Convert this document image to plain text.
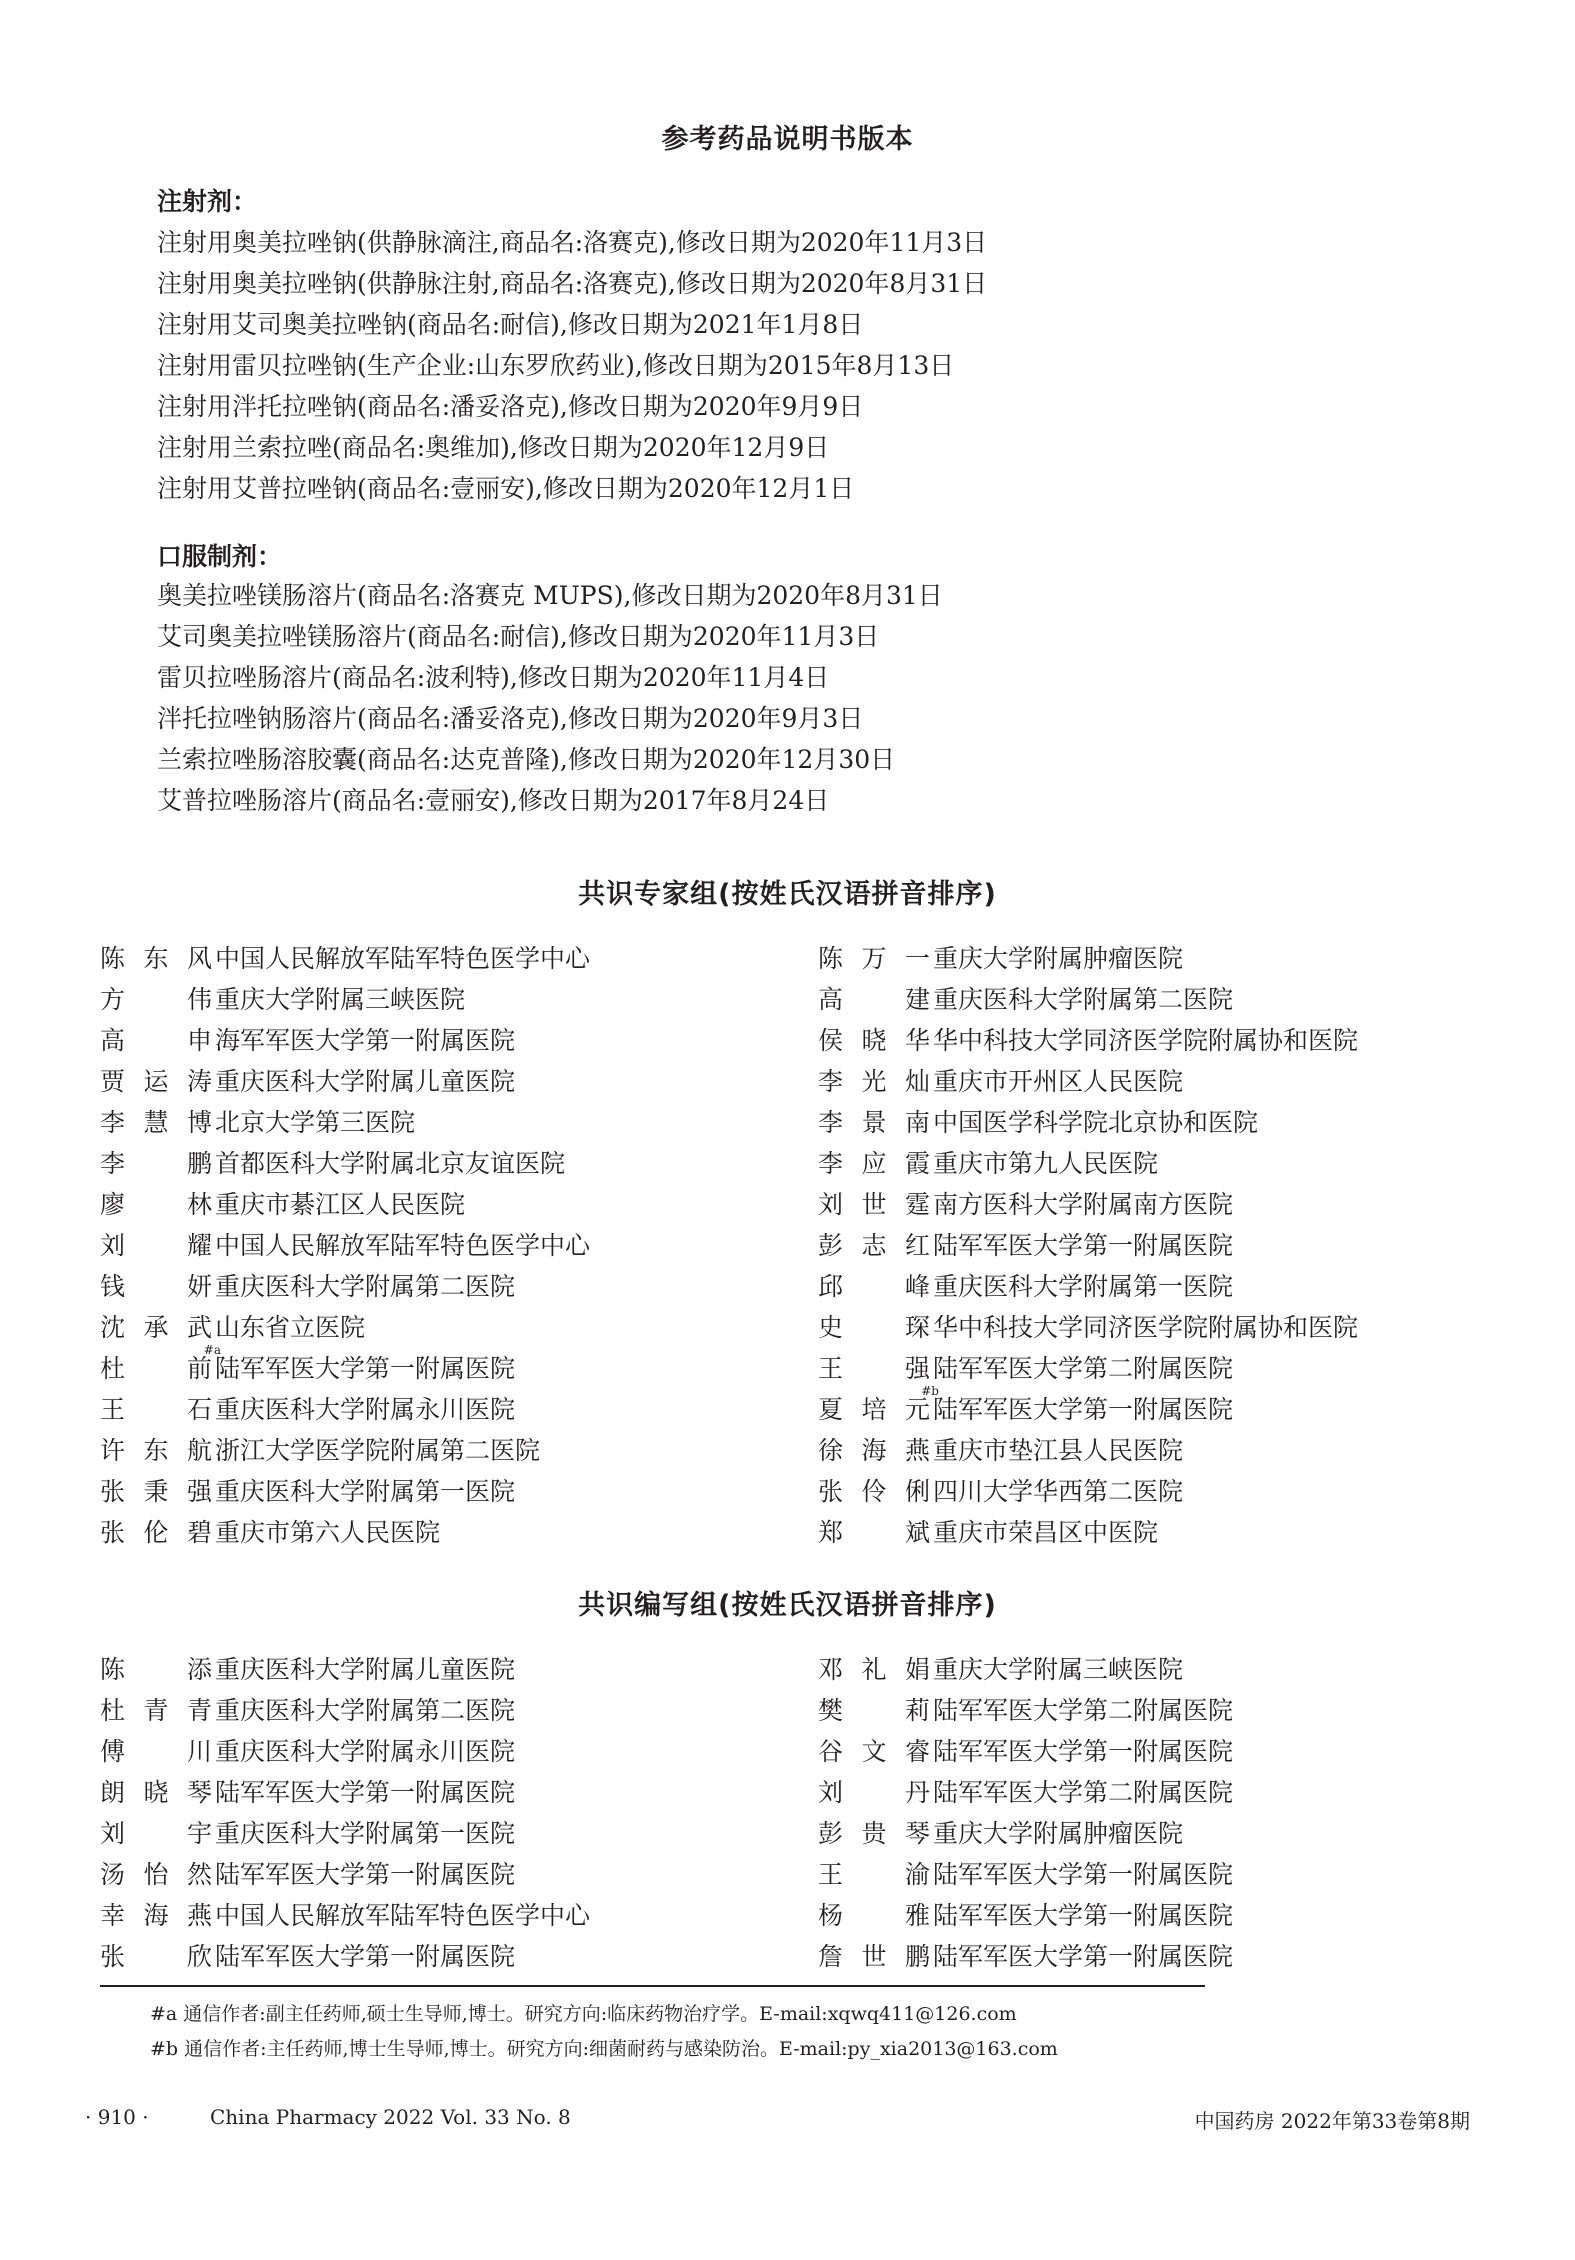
参考药品说明书版本
注射剂：
注射用奥美拉唑钠(供静脉滴注,商品名:洛赛克),修改日期为2020年11月3日
注射用奥美拉唑钠(供静脉注射,商品名:洛赛克),修改日期为2020年8月31日
注射用艾司奥美拉唑钠(商品名:耐信),修改日期为2021年1月8日
注射用雷贝拉唑钠(生产企业:山东罗欣药业),修改日期为2015年8月13日
注射用泮托拉唑钠(商品名:潘妥洛克),修改日期为2020年9月9日
注射用兰索拉唑(商品名:奥维加),修改日期为2020年12月9日
注射用艾普拉唑钠(商品名:壹丽安),修改日期为2020年12月1日
口服制剂：
奥美拉唑镁肠溶片(商品名:洛赛克 MUPS),修改日期为2020年8月31日
艾司奥美拉唑镁肠溶片(商品名:耐信),修改日期为2020年11月3日
雷贝拉唑肠溶片(商品名:波利特),修改日期为2020年11月4日
泮托拉唑钠肠溶片(商品名:潘妥洛克),修改日期为2020年9月3日
兰索拉唑肠溶胶囊(商品名:达克普隆),修改日期为2020年12月30日
艾普拉唑肠溶片(商品名:壹丽安),修改日期为2017年8月24日
共识专家组(按姓氏汉语拼音排序)
陈东风 中国人民解放军陆军特色医学中心
方伟 重庆大学附属三峡医院
高申 海军军医大学第一附属医院
贾运涛 重庆医科大学附属儿童医院
李慧博 北京大学第三医院
李鹏 首都医科大学附属北京友谊医院
廖林 重庆市綦江区人民医院
刘耀 中国人民解放军陆军特色医学中心
钱妍 重庆医科大学附属第二医院
沈承武 山东省立医院
杜前
#a
陆军军医大学第一附属医院
王石 重庆医科大学附属永川医院
许东航 浙江大学医学院附属第二医院
张秉强 重庆医科大学附属第一医院
张伦碧 重庆市第六人民医院
陈万一 重庆大学附属肿瘤医院
高建 重庆医科大学附属第二医院
侯晓华 华中科技大学同济医学院附属协和医院
李光灿 重庆市开州区人民医院
李景南 中国医学科学院北京协和医院
李应霞 重庆市第九人民医院
刘世霆 南方医科大学附属南方医院
彭志红 陆军军医大学第一附属医院
邱峰 重庆医科大学附属第一医院
史琛 华中科技大学同济医学院附属协和医院
王强 陆军军医大学第二附属医院
夏培元
#b
陆军军医大学第一附属医院
徐海燕 重庆市垫江县人民医院
张伶俐 四川大学华西第二医院
郑斌 重庆市荣昌区中医院
共识编写组(按姓氏汉语拼音排序)
陈添 重庆医科大学附属儿童医院
杜青青 重庆医科大学附属第二医院
傅川 重庆医科大学附属永川医院
朗晓琴 陆军军医大学第一附属医院
刘宇 重庆医科大学附属第一医院
汤怡然 陆军军医大学第一附属医院
幸海燕 中国人民解放军陆军特色医学中心
张欣 陆军军医大学第一附属医院
邓礼娟 重庆大学附属三峡医院
樊莉 陆军军医大学第二附属医院
谷文睿 陆军军医大学第一附属医院
刘丹 陆军军医大学第二附属医院
彭贵琴 重庆大学附属肿瘤医院
王渝 陆军军医大学第一附属医院
杨雅 陆军军医大学第一附属医院
詹世鹏 陆军军医大学第一附属医院
#a 通信作者:副主任药师,硕士生导师,博士。研究方向:临床药物治疗学。E-mail:xqwq411@126.com
#b 通信作者:主任药师,博士生导师,博士。研究方向:细菌耐药与感染防治。E-mail:py_xia2013@163.com
· 910 ·	China Pharmacy 2022 Vol. 33 No. 8	中国药房 2022年第33卷第8期
